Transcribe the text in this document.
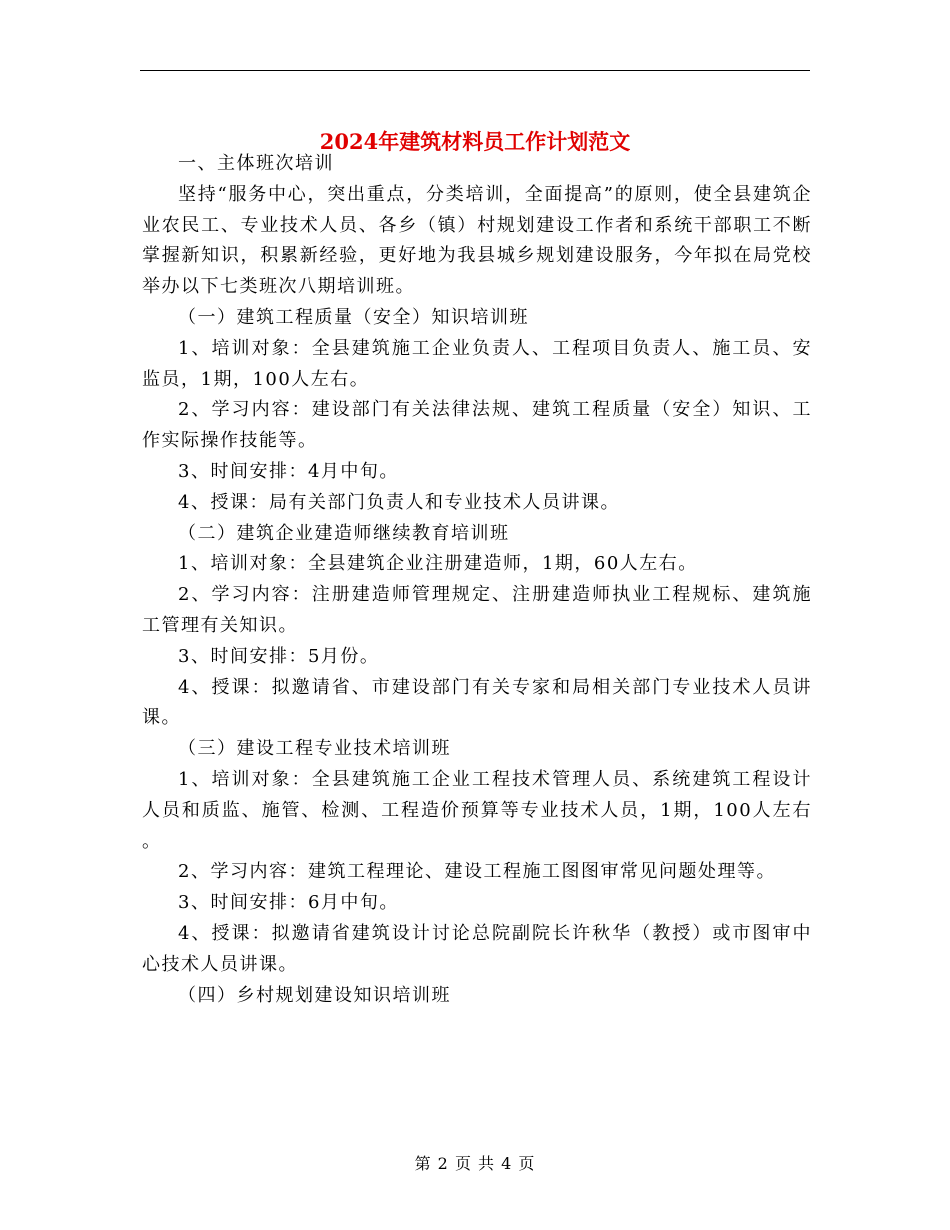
2024年建筑材料员工作计划范文

一、主体班次培训

坚持“服务中心，突出重点，分类培训，全面提高”的原则，使全县建筑企业农民工、专业技术人员、各乡（镇）村规划建设工作者和系统干部职工不断掌握新知识，积累新经验，更好地为我县城乡规划建设服务，今年拟在局党校举办以下七类班次八期培训班。

（一）建筑工程质量（安全）知识培训班

1、培训对象：全县建筑施工企业负责人、工程项目负责人、施工员、安监员，1期，100人左右。

2、学习内容：建设部门有关法律法规、建筑工程质量（安全）知识、工作实际操作技能等。

3、时间安排：4月中旬。

4、授课：局有关部门负责人和专业技术人员讲课。

（二）建筑企业建造师继续教育培训班

1、培训对象：全县建筑企业注册建造师，1期，60人左右。

2、学习内容：注册建造师管理规定、注册建造师执业工程规标、建筑施工管理有关知识。

3、时间安排：5月份。

4、授课：拟邀请省、市建设部门有关专家和局相关部门专业技术人员讲课。

（三）建设工程专业技术培训班

1、培训对象：全县建筑施工企业工程技术管理人员、系统建筑工程设计人员和质监、施管、检测、工程造价预算等专业技术人员，1期，100人左右。

2、学习内容：建筑工程理论、建设工程施工图图审常见问题处理等。

3、时间安排：6月中旬。

4、授课：拟邀请省建筑设计讨论总院副院长许秋华（教授）或市图审中心技术人员讲课。

（四）乡村规划建设知识培训班

第 2 页 共 4 页
